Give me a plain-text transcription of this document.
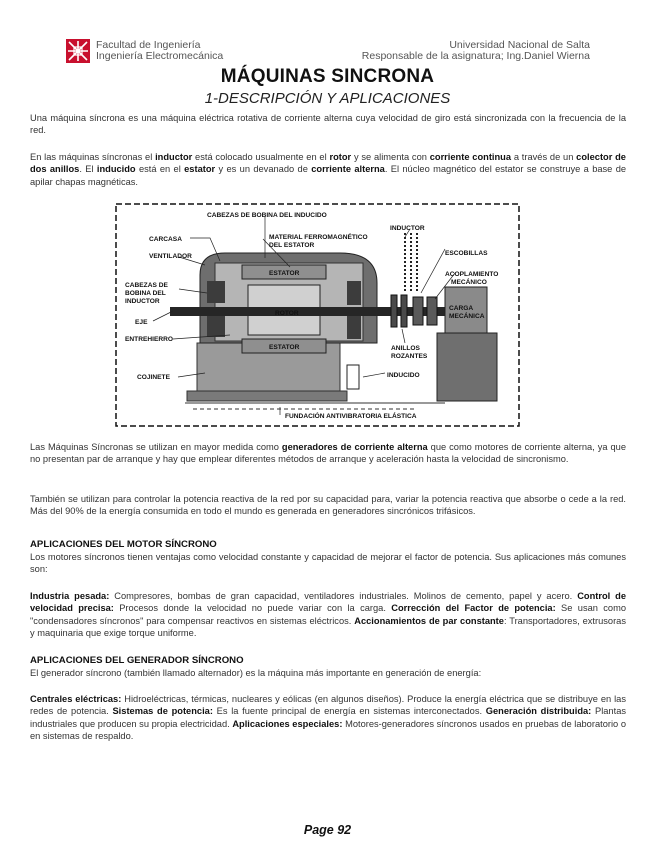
Facultad de Ingeniería
Ingeniería Electromecánica
Universidad Nacional de Salta
Responsable de la asignatura; Ing.Daniel Wierna
MÁQUINAS SINCRONA
1-DESCRIPCIÓN Y APLICACIONES
Una máquina síncrona es una máquina eléctrica rotativa de corriente alterna cuya velocidad de giro está sincronizada con la frecuencia de la red.
En las máquinas síncronas el inductor está colocado usualmente en el rotor y se alimenta con corriente continua a través de un colector de dos anillos. El inducido está en el estator y es un devanado de corriente alterna. El núcleo magnético del estator se construye a base de apilar chapas magnéticas.
CABEZAS DE BOBINA DEL INDUCIDO
CARCASA
VENTILADOR
MATERIAL FERROMAGNÉTICO
DEL ESTATOR
INDUCTOR
ESCOBILLAS
ACOPLAMIENTO
MECÁNICO
CABEZAS DE
BOBINA DEL
INDUCTOR
ESTATOR
ROTOR
ESTATOR
EJE
ENTREHIERRO
CARGA
MECÁNICA
ANILLOS
ROZANTES
INDUCIDO
COJINETE
FUNDACIÓN ANTIVIBRATORIA ELÁSTICA
Las Máquinas Síncronas se utilizan en mayor medida como generadores de corriente alterna que como motores de corriente alterna, ya que no presentan par de arranque y hay que emplear diferentes métodos de arranque y aceleración hasta la velocidad de sincronismo.
También se utilizan para controlar la potencia reactiva de la red por su capacidad para, variar la potencia reactiva que absorbe o cede a la red. Más del 90% de la energía consumida en todo el mundo es generada en generadores sincrónicos trifásicos.
APLICACIONES DEL MOTOR SÍNCRONO
Los motores síncronos tienen ventajas como velocidad constante y capacidad de mejorar el factor de potencia. Sus aplicaciones más comunes son:
Industria pesada: Compresores, bombas de gran capacidad, ventiladores industriales. Molinos de cemento, papel y acero. Control de velocidad precisa: Procesos donde la velocidad no puede variar con la carga. Corrección del Factor de potencia: Se usan como "condensadores síncronos" para compensar reactivos en sistemas eléctricos. Accionamientos de par constante: Transportadores, extrusoras y maquinaria que exige torque uniforme.
APLICACIONES DEL GENERADOR SÍNCRONO
El generador síncrono (también llamado alternador) es la máquina más importante en generación de energía:
Centrales eléctricas: Hidroeléctricas, térmicas, nucleares y eólicas (en algunos diseños). Produce la energía eléctrica que se distribuye en las redes de potencia. Sistemas de potencia: Es la fuente principal de energía en sistemas interconectados. Generación distribuida: Plantas industriales que producen su propia electricidad. Aplicaciones especiales: Motores-generadores síncronos usados en pruebas de laboratorio o en sistemas de respaldo.
Page 92
